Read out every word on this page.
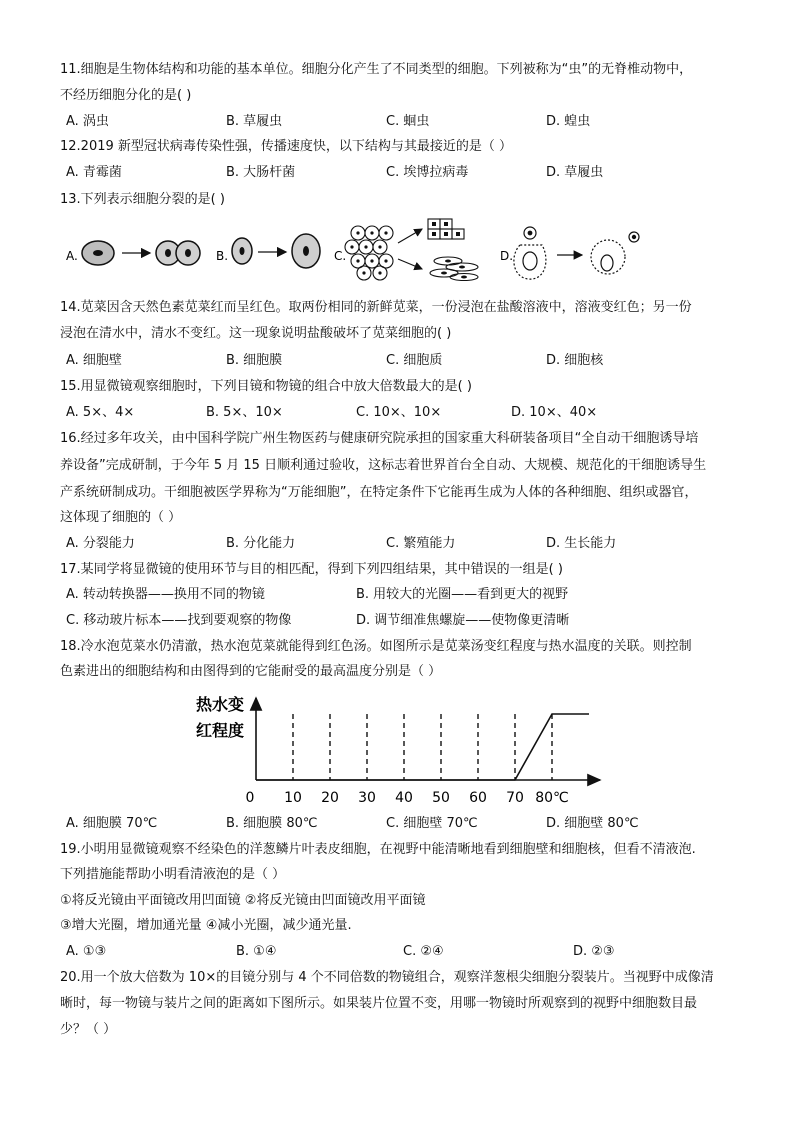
11.细胞是生物体结构和功能的基本单位。细胞分化产生了不同类型的细胞。下列被称为“虫”的无脊椎动物中，
不经历细胞分化的是( )
A. 涡虫	B. 草履虫	C. 蛔虫	D. 蝗虫
12.2019 新型冠状病毒传染性强，传播速度快，以下结构与其最接近的是（ ）
A. 青霉菌	B. 大肠杆菌	C. 埃博拉病毒	D. 草履虫
13.下列表示细胞分裂的是( )
A.	B.	C.	D.
14.苋菜因含天然色素苋菜红而呈红色。取两份相同的新鲜苋菜，一份浸泡在盐酸溶液中，溶液变红色；另一份
浸泡在清水中，清水不变红。这一现象说明盐酸破坏了苋菜细胞的( )
A. 细胞壁	B. 细胞膜	C. 细胞质	D. 细胞核
15.用显微镜观察细胞时，下列目镜和物镜的组合中放大倍数最大的是( )
A. 5×、4×	B. 5×、10×	C. 10×、10×	D. 10×、40×
16.经过多年攻关，由中国科学院广州生物医药与健康研究院承担的国家重大科研装备项目“全自动干细胞诱导培
养设备”完成研制，于今年 5 月 15 日顺利通过验收，这标志着世界首台全自动、大规模、规范化的干细胞诱导生
产系统研制成功。干细胞被医学界称为“万能细胞”，在特定条件下它能再生成为人体的各种细胞、组织或器官，
这体现了细胞的（ ）
A. 分裂能力	B. 分化能力	C. 繁殖能力	D. 生长能力
17.某同学将显微镜的使用环节与目的相匹配，得到下列四组结果，其中错误的一组是( )
A. 转动转换器——换用不同的物镜	B. 用较大的光圈——看到更大的视野
C. 移动玻片标本——找到要观察的物像	D. 调节细准焦螺旋——使物像更清晰
18.冷水泡苋菜水仍清澈，热水泡苋菜就能得到红色汤。如图所示是苋菜汤变红程度与热水温度的关联。则控制
色素进出的细胞结构和由图得到的它能耐受的最高温度分别是（ ）
热水变
红程度
0 10 20 30 40 50 60 70 80℃
A. 细胞膜 70℃	B. 细胞膜 80℃	C. 细胞壁 70℃	D. 细胞壁 80℃
19.小明用显微镜观察不经染色的洋葱鳞片叶表皮细胞，在视野中能清晰地看到细胞壁和细胞核，但看不清液泡.
下列措施能帮助小明看清液泡的是（ ）
①将反光镜由平面镜改用凹面镜 ②将反光镜由凹面镜改用平面镜
③增大光圈，增加通光量 ④减小光圈，减少通光量.
A. ①③	B. ①④	C. ②④	D. ②③
20.用一个放大倍数为 10×的目镜分别与 4 个不同倍数的物镜组合，观察洋葱根尖细胞分裂装片。当视野中成像清
晰时，每一物镜与装片之间的距离如下图所示。如果装片位置不变，用哪一物镜时所观察到的视野中细胞数目最
少？（ ）
